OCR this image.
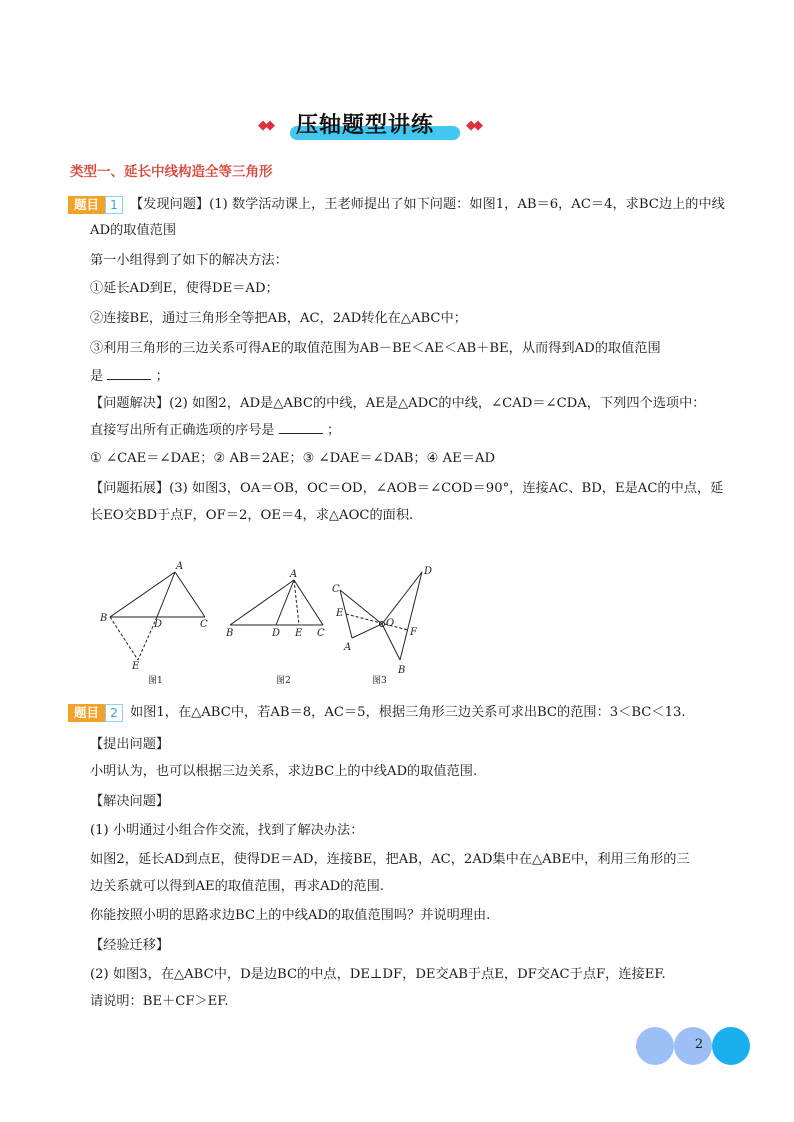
◆◆ 压轴题型讲练 ◆◆
类型一、延长中线构造全等三角形
题目 1 【发现问题】(1) 数学活动课上，王老师提出了如下问题：如图1，AB＝6，AC＝4，求BC边上的中线
AD的取值范围
第一小组得到了如下的解决方法：
①延长AD到E，使得DE＝AD；
②连接BE，通过三角形全等把AB，AC，2AD转化在△ABC中；
③利用三角形的三边关系可得AE的取值范围为AB－BE＜AE＜AB＋BE，从而得到AD的取值范围
是	；
【问题解决】(2) 如图2，AD是△ABC的中线，AE是△ADC的中线，∠CAD＝∠CDA，下列四个选项中：
直接写出所有正确选项的序号是	；
① ∠CAE＝∠DAE；② AB＝2AE；③ ∠DAE＝∠DAB；④ AE＝AD
【问题拓展】(3) 如图3，OA＝OB，OC＝OD，∠AOB＝∠COD＝90°，连接AC、BD，E是AC的中点，延
长EO交BD于点F，OF＝2，OE＝4，求△AOC的面积.
A
B
C
D
E
图1
A
B	C
D E
图2
D
C
E
O
F
A
B
图3
题目 2 如图1，在△ABC中，若AB＝8，AC＝5，根据三角形三边关系可求出BC的范围：3＜BC＜13.
【提出问题】
小明认为，也可以根据三边关系，求边BC上的中线AD的取值范围.
【解决问题】
(1) 小明通过小组合作交流，找到了解决办法：
如图2，延长AD到点E，使得DE＝AD，连接BE，把AB，AC，2AD集中在△ABE中，利用三角形的三
边关系就可以得到AE的取值范围，再求AD的范围.
你能按照小明的思路求边BC上的中线AD的取值范围吗？并说明理由.
【经验迁移】
(2) 如图3，在△ABC中，D是边BC的中点，DE⊥DF，DE交AB于点E，DF交AC于点F，连接EF.
请说明：BE＋CF＞EF.
2
